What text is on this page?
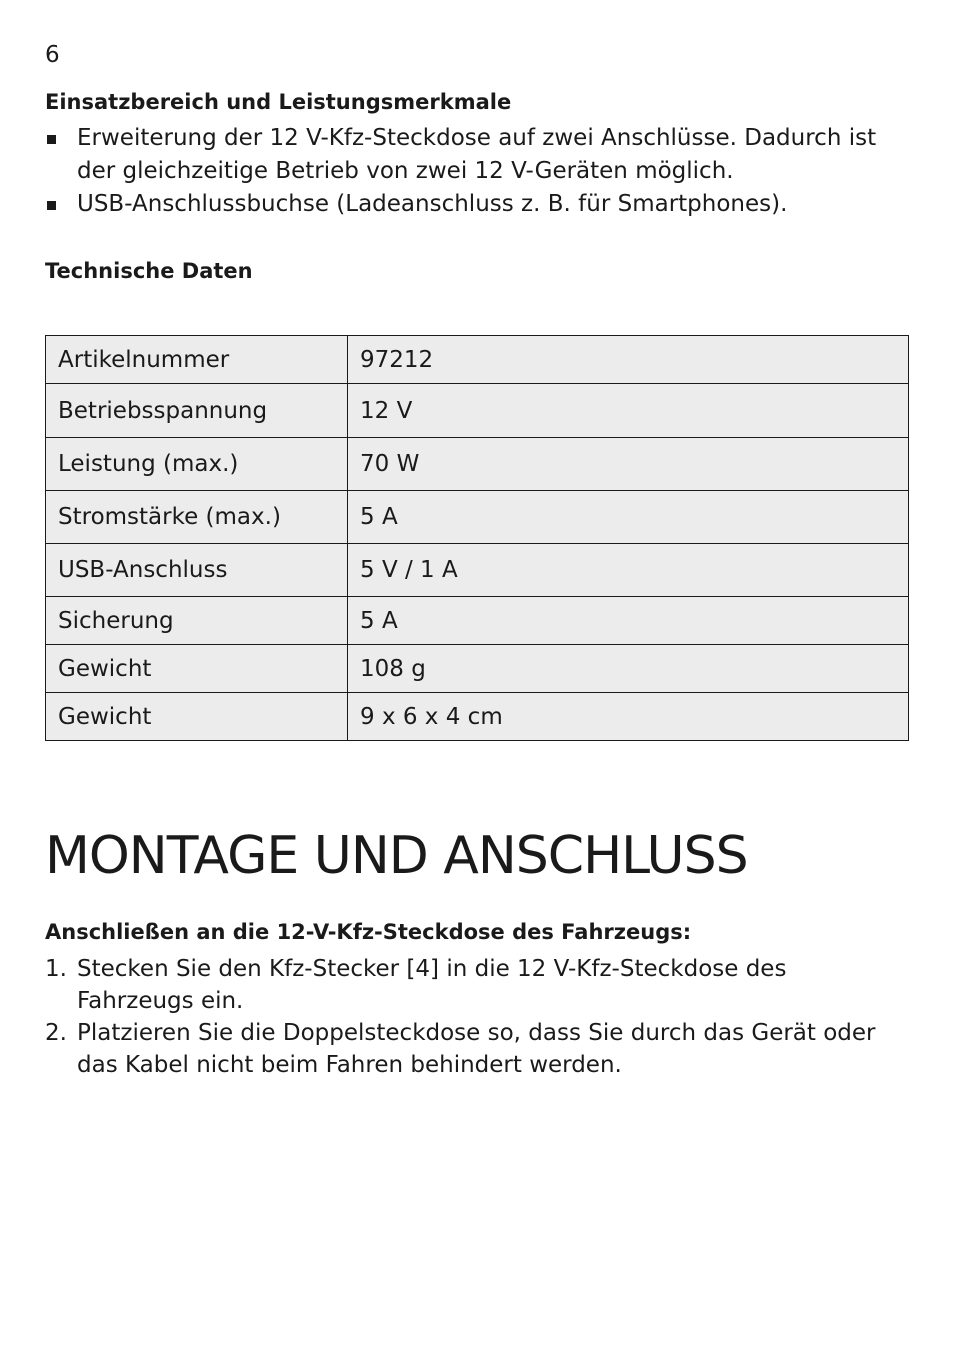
6
Einsatzbereich und Leistungsmerkmale
Erweiterung der 12 V-Kfz-Steckdose auf zwei Anschlüsse. Dadurch ist der gleichzeitige Betrieb von zwei 12 V-Geräten möglich.
USB-Anschlussbuchse (Ladeanschluss z. B. für Smartphones).
Technische Daten
Artikelnummer	97212
Betriebsspannung	12 V
Leistung (max.)	70 W
Stromstärke (max.)	5 A
USB-Anschluss	5 V / 1 A
Sicherung	5 A
Gewicht	108 g
Gewicht	9 x 6 x 4 cm
MONTAGE UND ANSCHLUSS
Anschließen an die 12-V-Kfz-Steckdose des Fahrzeugs:
1. Stecken Sie den Kfz-Stecker [4] in die 12 V-Kfz-Steckdose des Fahrzeugs ein.
2. Platzieren Sie die Doppelsteckdose so, dass Sie durch das Gerät oder das Kabel nicht beim Fahren behindert werden.
